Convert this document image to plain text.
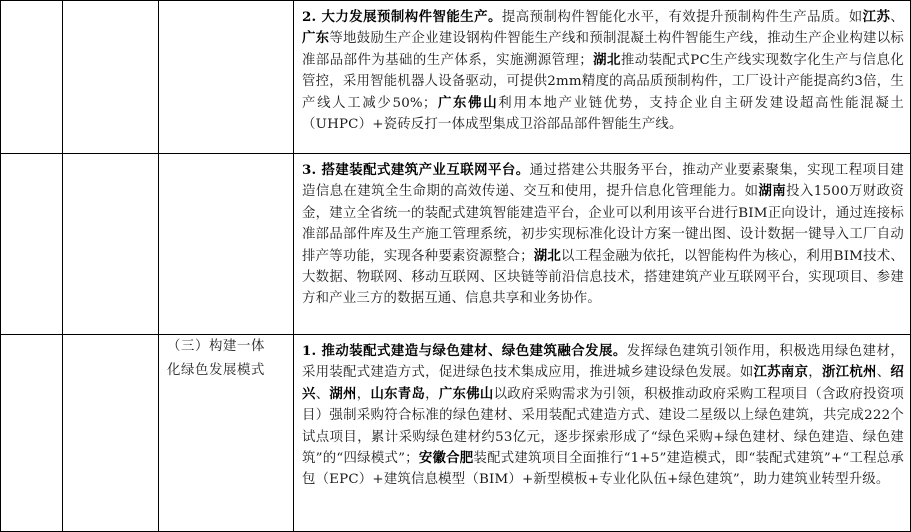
			2. 大力发展预制构件智能生产。提高预制构件智能化水平，有效提升预制构件生产品质。如江苏、广东等地鼓励生产企业建设钢构件智能生产线和预制混凝土构件智能生产线，推动生产企业构建以标准部品部件为基础的生产体系，实施溯源管理；湖北推动装配式PC生产线实现数字化生产与信息化管控，采用智能机器人设备驱动，可提供2mm精度的高品质预制构件，工厂设计产能提高约3倍，生产线人工减少50%；广东佛山利用本地产业链优势，支持企业自主研发建设超高性能混凝土（UHPC）+瓷砖反打一体成型集成卫浴部品部件智能生产线。

			3. 搭建装配式建筑产业互联网平台。通过搭建公共服务平台，推动产业要素聚集，实现工程项目建造信息在建筑全生命期的高效传递、交互和使用，提升信息化管理能力。如湖南投入1500万财政资金，建立全省统一的装配式建筑智能建造平台，企业可以利用该平台进行BIM正向设计，通过连接标准部品部件库及生产施工管理系统，初步实现标准化设计方案一键出图、设计数据一键导入工厂自动排产等功能，实现各种要素资源整合；湖北以工程金融为依托，以智能构件为核心，利用BIM技术、大数据、物联网、移动互联网、区块链等前沿信息技术，搭建建筑产业互联网平台，实现项目、参建方和产业三方的数据互通、信息共享和业务协作。

		（三）构建一体
化绿色发展模式	1. 推动装配式建造与绿色建材、绿色建筑融合发展。发挥绿色建筑引领作用，积极选用绿色建材，采用装配式建造方式，促进绿色技术集成应用，推进城乡建设绿色发展。如江苏南京，浙江杭州、绍兴、湖州，山东青岛，广东佛山以政府采购需求为引领，积极推动政府采购工程项目（含政府投资项目）强制采购符合标准的绿色建材、采用装配式建造方式、建设二星级以上绿色建筑，共完成222个试点项目，累计采购绿色建材约53亿元，逐步探索形成了“绿色采购+绿色建材、绿色建造、绿色建筑”的“四绿模式”；安徽合肥装配式建筑项目全面推行“1+5”建造模式，即“装配式建筑”+“工程总承包（EPC）+建筑信息模型（BIM）+新型模板+专业化队伍+绿色建筑”，助力建筑业转型升级。
